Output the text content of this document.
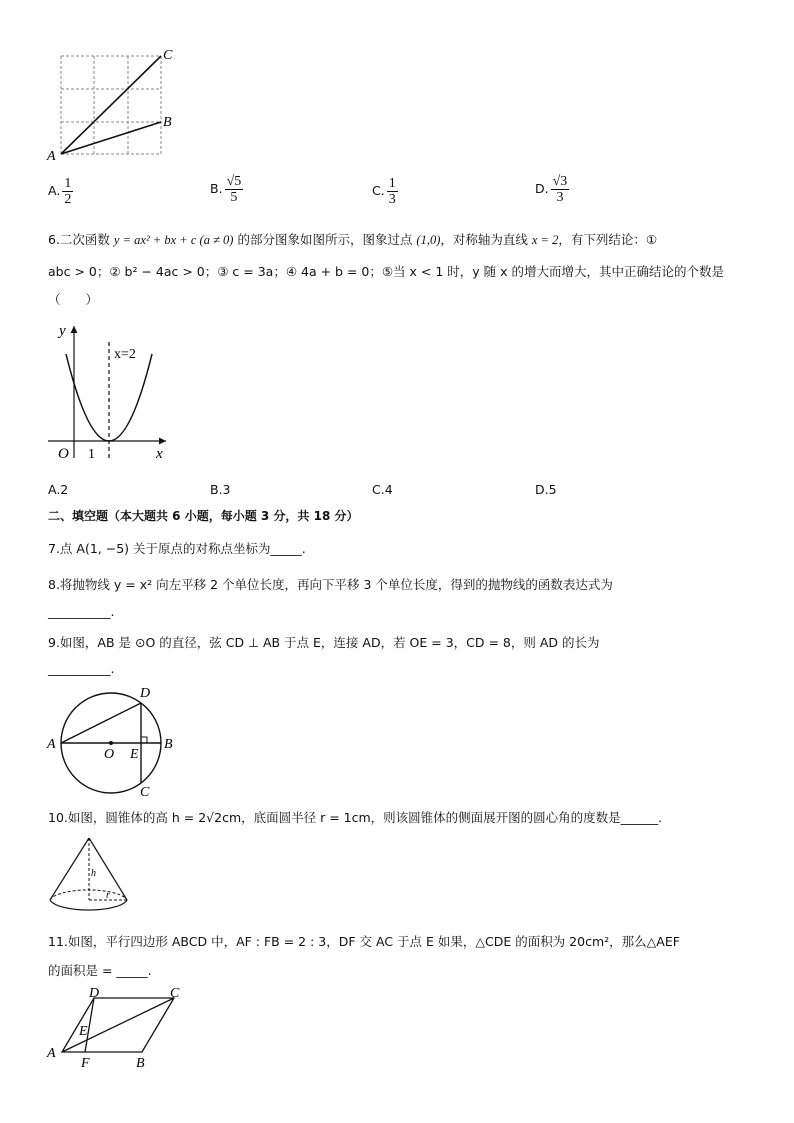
A
B
C
A. $\frac{1}{2}$	B. $\frac{√5}{5}$	C. $\frac{1}{3}$	D. $\frac{√3}{3}$
6.二次函数 y = ax² + bx + c (a ≠ 0) 的部分图象如图所示，图象过点 (1,0)，对称轴为直线 x = 2，有下列结论：①
abc > 0；② b² − 4ac > 0；③ c = 3a；④ 4a + b = 0；⑤当 x < 1 时，y 随 x 的增大而增大，其中正确结论的个数是
（　　）
y
x
O 1
x=2
A.2	B.3	C.4	D.5
二、填空题（本大题共 6 小题，每小题 3 分，共 18 分）
7.点 A(1, −5) 关于原点的对称点坐标为_____.
8.将抛物线 y = x² 向左平移 2 个单位长度，再向下平移 3 个单位长度，得到的抛物线的函数表达式为
__________.
9.如图，AB 是 ⊙O 的直径，弦 CD ⊥ AB 于点 E，连接 AD，若 OE = 3，CD = 8，则 AD 的长为
__________.
A	B
D
C
O E
10.如图，圆锥体的高 h = 2√2cm，底面圆半径 r = 1cm，则该圆锥体的侧面展开图的圆心角的度数是______.
h
r
11.如图，平行四边形 ABCD 中，AF : FB = 2 : 3，DF 交 AC 于点 E 如果，△CDE 的面积为 20cm²，那么△AEF
的面积是 = _____.
A
B
C
D
E
F
